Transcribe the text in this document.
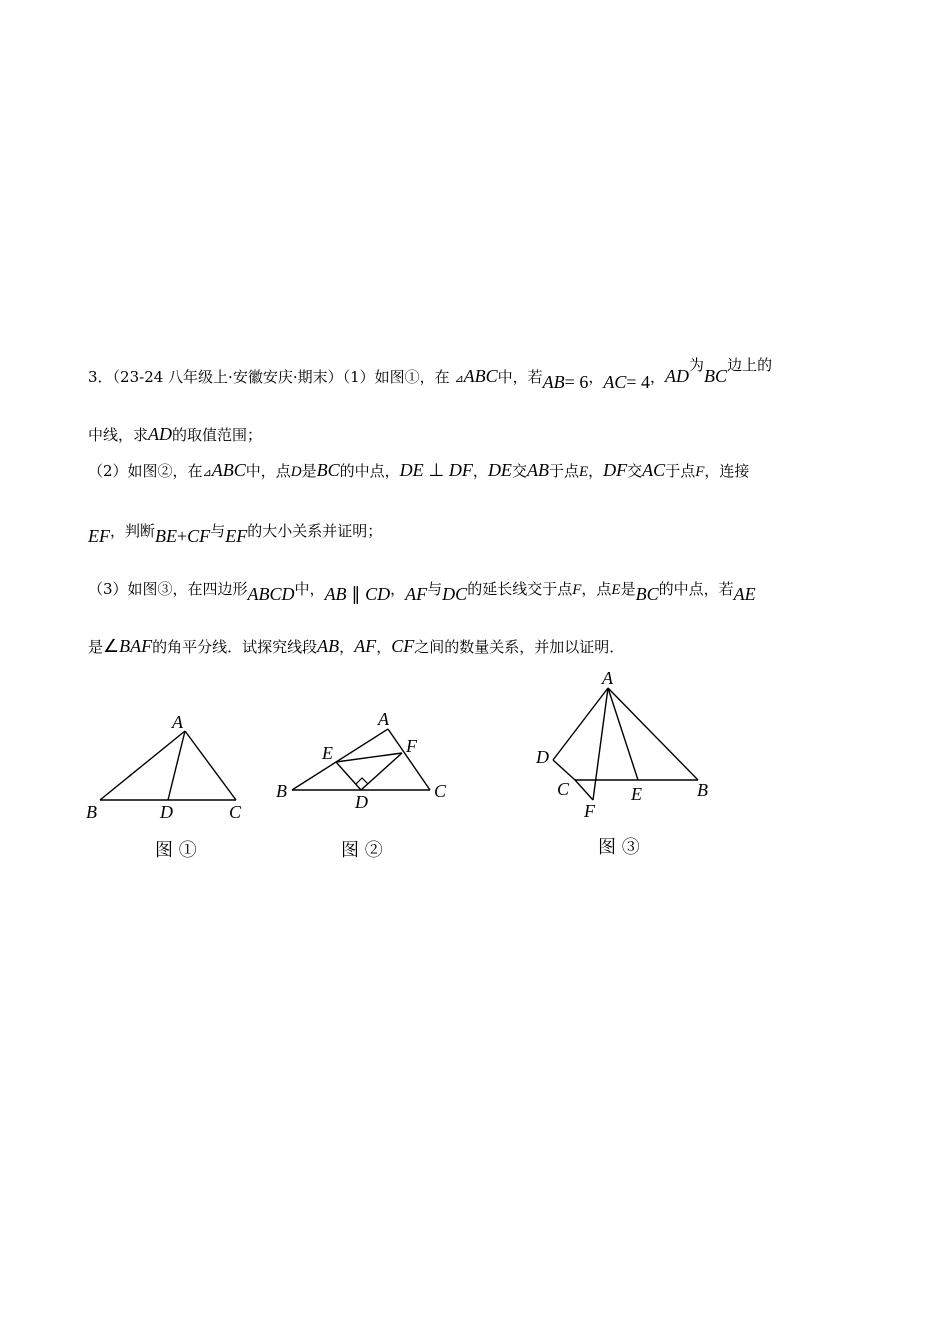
3．（23-24 八年级上·安徽安庆·期末）（1）如图①，在 ⊿ABC中，若AB= 6，AC= 4，AD为BC边上的
中线，求AD的取值范围；
（2）如图②，在⊿ABC中，点D是BC的中点，DE ⊥ DF，DE交AB于点E，DF交AC于点F，连接
EF，判断BE+CF与EF的大小关系并证明；
（3）如图③，在四边形ABCD中，AB ∥ CD，AF与DC的延长线交于点F，点E是BC的中点，若AE
是∠BAF的角平分线．试探究线段AB，AF，CF之间的数量关系，并加以证明．
A
B	D	C
A
E	F
B
D
C
A
D
C	E	B
F
图 ①	图 ②	图 ③
